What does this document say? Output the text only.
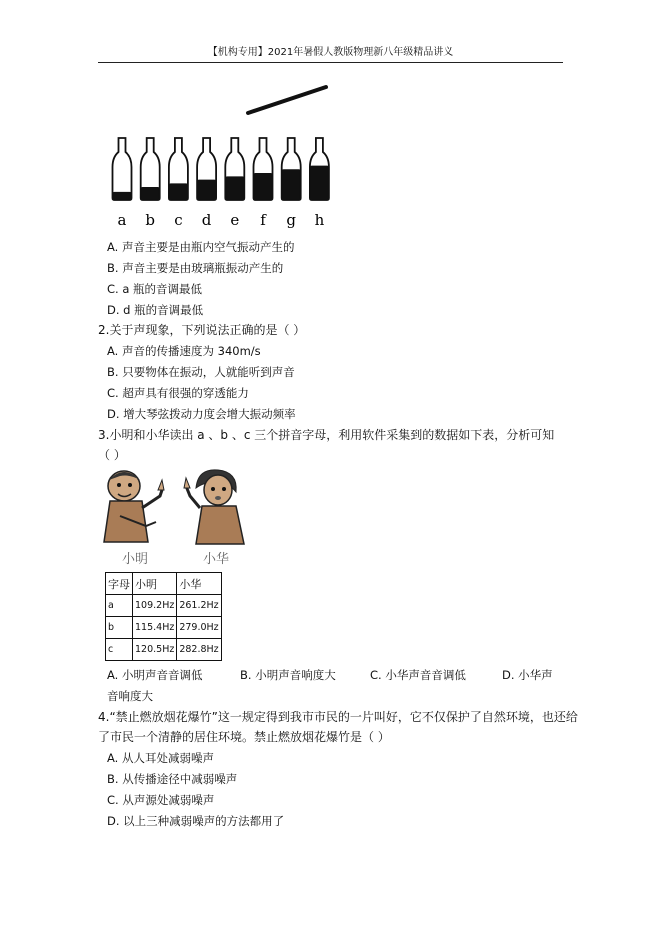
【机构专用】2021年暑假人教版物理新八年级精品讲义
a b c d e f g h
A. 声音主要是由瓶内空气振动产生的
B. 声音主要是由玻璃瓶振动产生的
C. a 瓶的音调最低
D. d 瓶的音调最低
2.关于声现象，下列说法正确的是（ ）
A. 声音的传播速度为 340m/s
B. 只要物体在振动，人就能听到声音
C. 超声具有很强的穿透能力
D. 增大琴弦拨动力度会增大振动频率
3.小明和小华读出 a 、b 、c 三个拼音字母，利用软件采集到的数据如下表，分析可知
（ ）
小明	小华
字母	小明	小华
a	109.2Hz	261.2Hz
b	115.4Hz	279.0Hz
c	120.5Hz	282.8Hz
A. 小明声音音调低	B. 小明声音响度大	C. 小华声音音调低	D. 小华声
音响度大
4.“禁止燃放烟花爆竹”这一规定得到我市市民的一片叫好，它不仅保护了自然环境，也还给
了市民一个清静的居住环境。禁止燃放烟花爆竹是（ ）
A. 从人耳处减弱噪声
B. 从传播途径中减弱噪声
C. 从声源处减弱噪声
D. 以上三种减弱噪声的方法都用了
